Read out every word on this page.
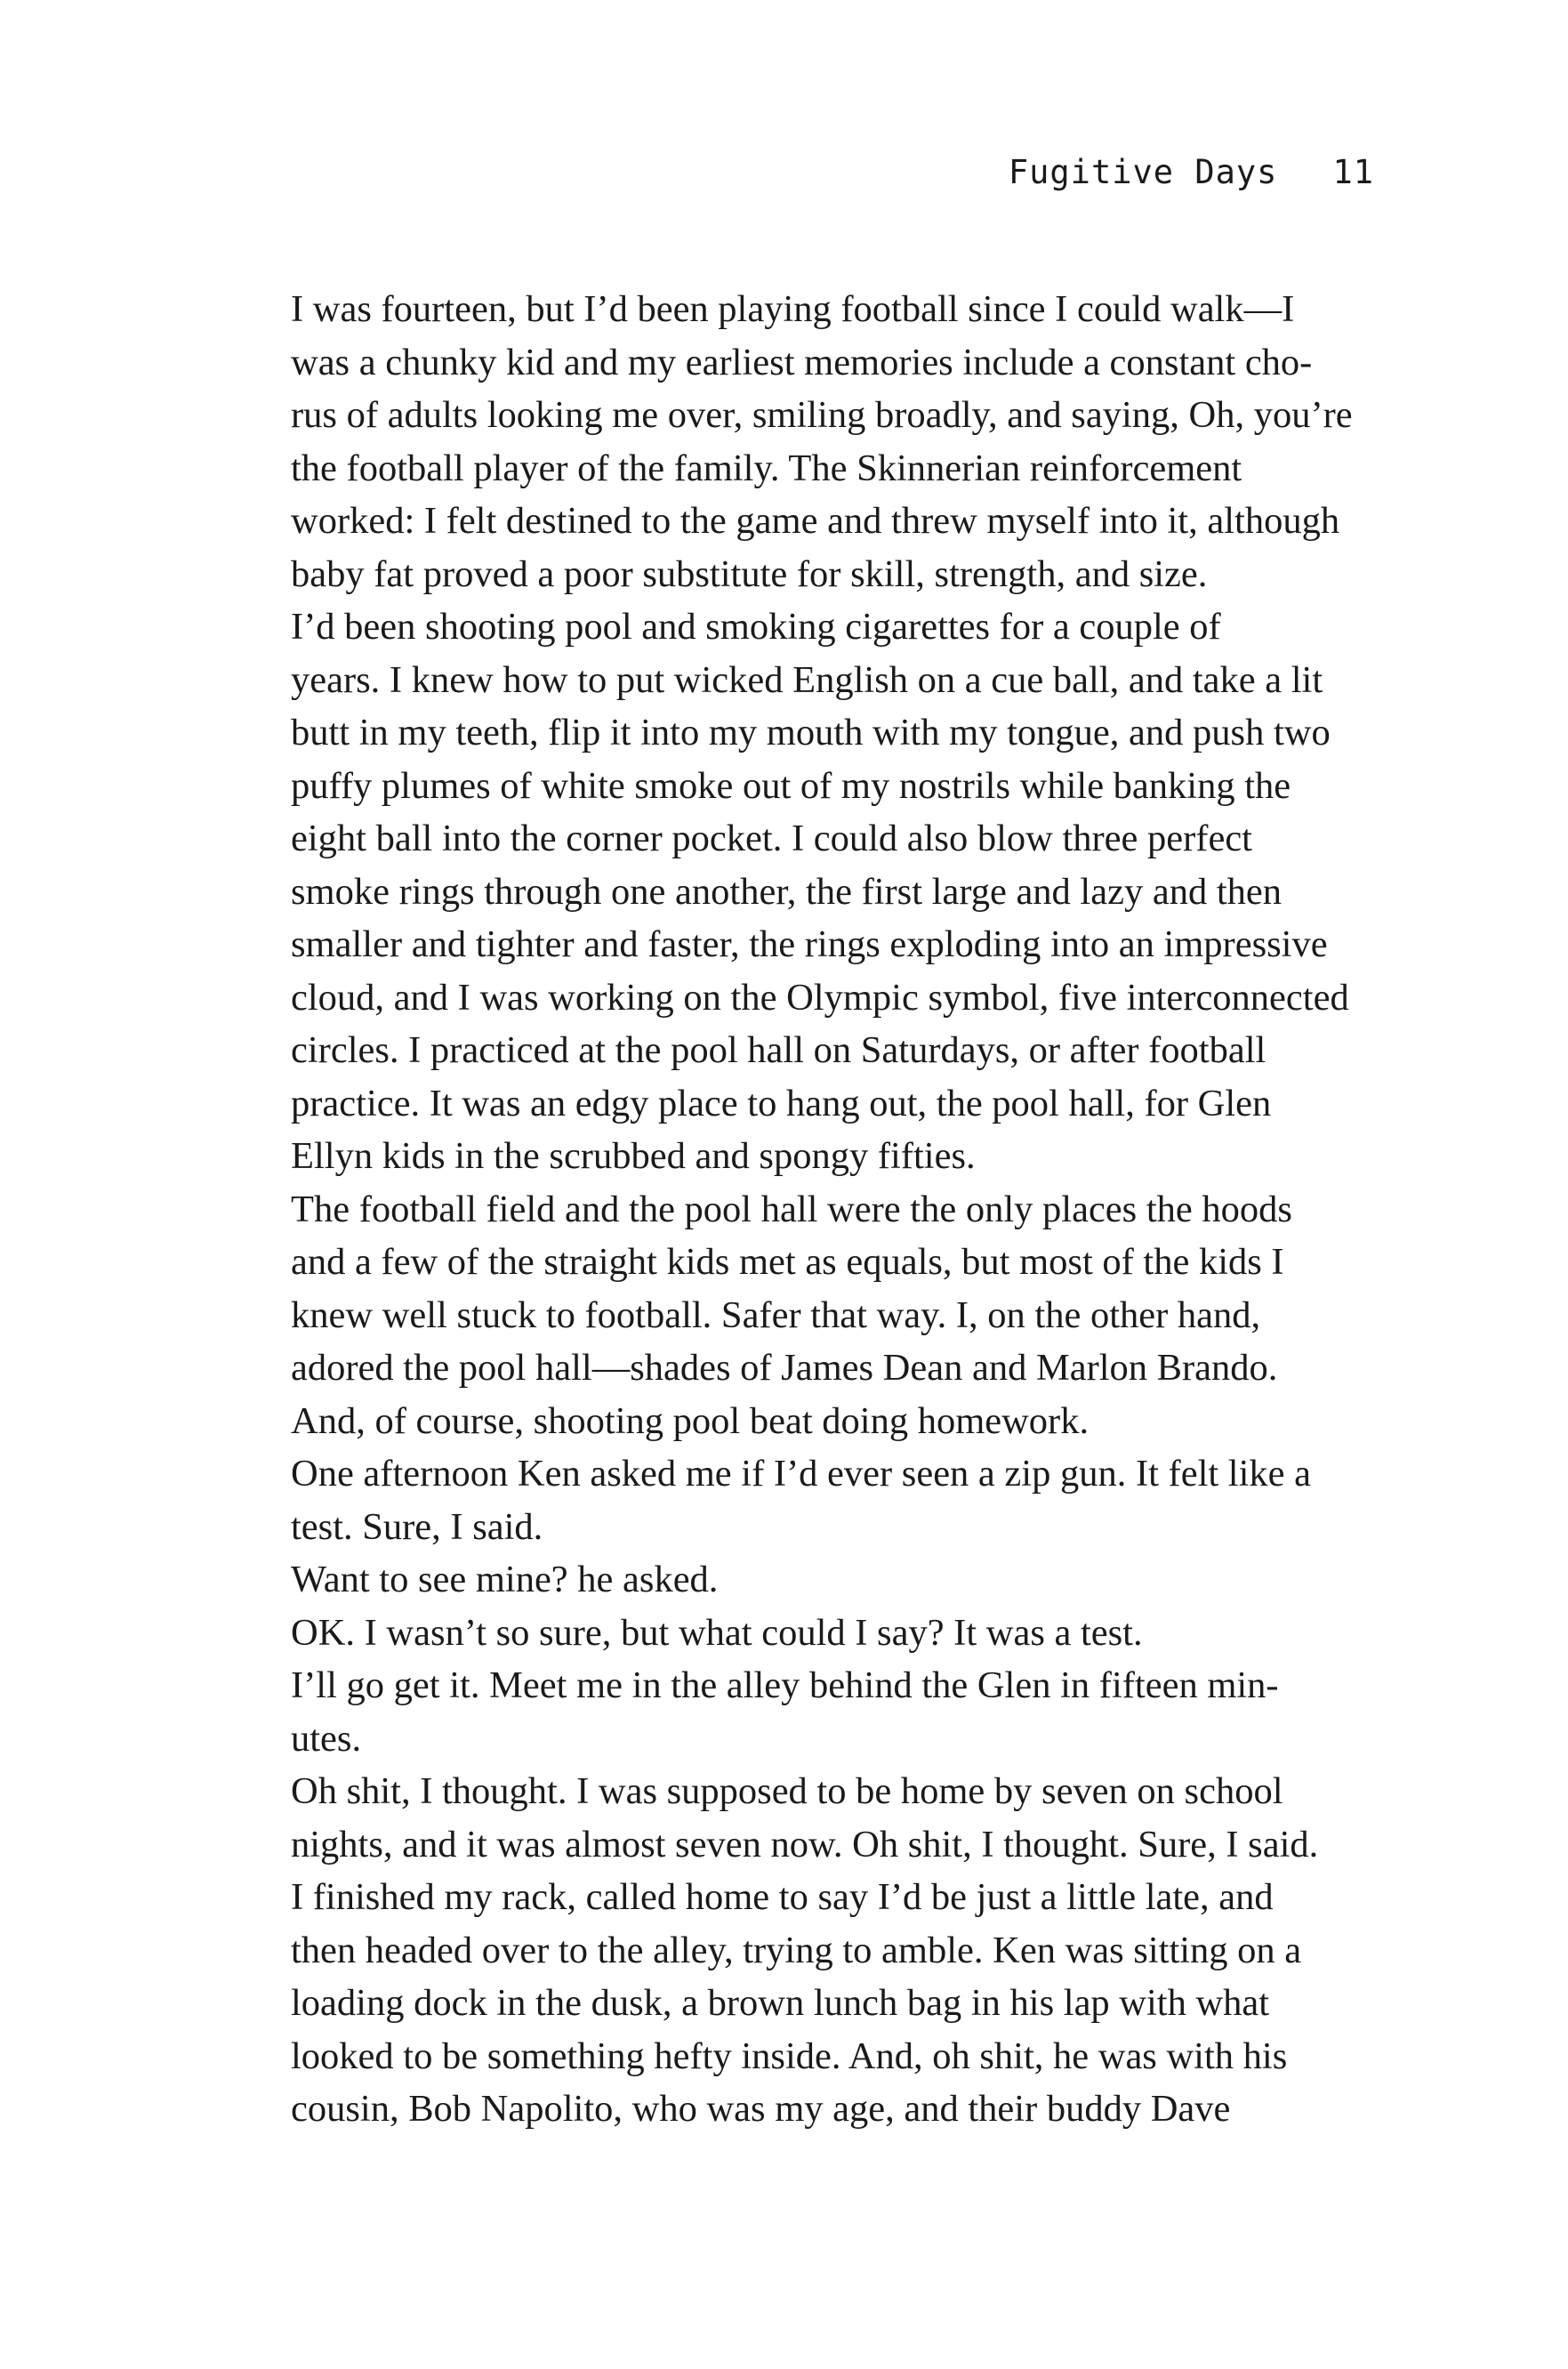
Fugitive Days 11

I was fourteen, but I’d been playing football since I could walk—I
was a chunky kid and my earliest memories include a constant cho-
rus of adults looking me over, smiling broadly, and saying, Oh, you’re
the football player of the family. The Skinnerian reinforcement
worked: I felt destined to the game and threw myself into it, although
baby fat proved a poor substitute for skill, strength, and size.

I’d been shooting pool and smoking cigarettes for a couple of
years. I knew how to put wicked English on a cue ball, and take a lit
butt in my teeth, flip it into my mouth with my tongue, and push two
puffy plumes of white smoke out of my nostrils while banking the
eight ball into the corner pocket. I could also blow three perfect
smoke rings through one another, the first large and lazy and then
smaller and tighter and faster, the rings exploding into an impressive
cloud, and I was working on the Olympic symbol, five interconnected
circles. I practiced at the pool hall on Saturdays, or after football
practice. It was an edgy place to hang out, the pool hall, for Glen
Ellyn kids in the scrubbed and spongy fifties.

The football field and the pool hall were the only places the hoods
and a few of the straight kids met as equals, but most of the kids I
knew well stuck to football. Safer that way. I, on the other hand,
adored the pool hall—shades of James Dean and Marlon Brando.
And, of course, shooting pool beat doing homework.

One afternoon Ken asked me if I’d ever seen a zip gun. It felt like a
test. Sure, I said.

Want to see mine? he asked.

OK. I wasn’t so sure, but what could I say? It was a test.

I’ll go get it. Meet me in the alley behind the Glen in fifteen min-
utes.

Oh shit, I thought. I was supposed to be home by seven on school
nights, and it was almost seven now. Oh shit, I thought. Sure, I said.

I finished my rack, called home to say I’d be just a little late, and
then headed over to the alley, trying to amble. Ken was sitting on a
loading dock in the dusk, a brown lunch bag in his lap with what
looked to be something hefty inside. And, oh shit, he was with his
cousin, Bob Napolito, who was my age, and their buddy Dave
